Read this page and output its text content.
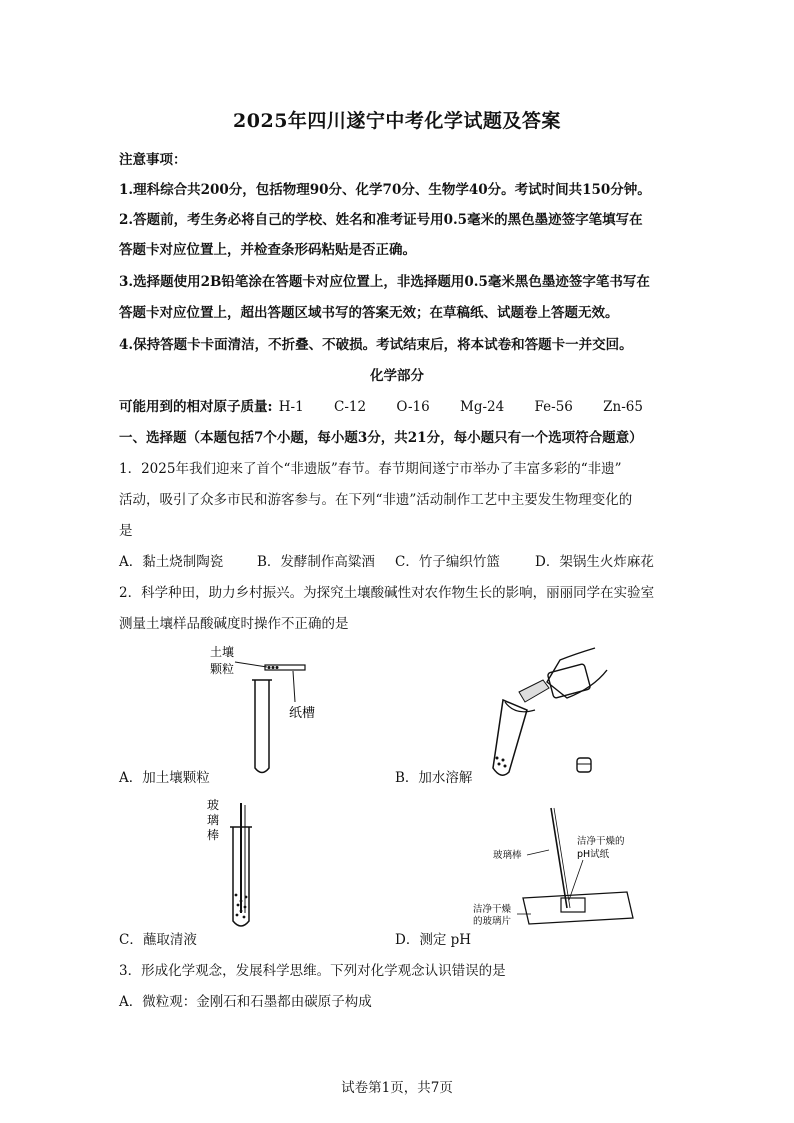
2025年四川遂宁中考化学试题及答案
注意事项：
1.理科综合共200分，包括物理90分、化学70分、生物学40分。考试时间共150分钟。
2.答题前，考生务必将自己的学校、姓名和准考证号用0.5毫米的黑色墨迹签字笔填写在
答题卡对应位置上，并检查条形码粘贴是否正确。
3.选择题使用2B铅笔涂在答题卡对应位置上，非选择题用0.5毫米黑色墨迹签字笔书写在
答题卡对应位置上，超出答题区域书写的答案无效；在草稿纸、试题卷上答题无效。
4.保持答题卡卡面清洁，不折叠、不破损。考试结束后，将本试卷和答题卡一并交回。
化学部分
可能用到的相对原子质量: H-1 C-12 O-16 Mg-24 Fe-56 Zn-65
一、选择题（本题包括7个小题，每小题3分，共21分，每小题只有一个选项符合题意）
1．2025年我们迎来了首个“非遗版”春节。春节期间遂宁市举办了丰富多彩的“非遗”
活动，吸引了众多市民和游客参与。在下列“非遗”活动制作工艺中主要发生物理变化的
是
A．黏土烧制陶瓷	B．发酵制作高粱酒 C．竹子编织竹篮	D．架锅生火炸麻花
2．科学种田，助力乡村振兴。为探究土壤酸碱性对农作物生长的影响，丽丽同学在实验室
测量土壤样品酸碱度时操作不正确的是
土壤
颗粒
纸槽
A．加土壤颗粒	B．加水溶解
玻
璃
棒
C．蘸取清液
玻璃棒
洁净干燥的
pH试纸
洁净干燥
的玻璃片
D．测定 pH
3．形成化学观念，发展科学思维。下列对化学观念认识错误的是
A．微粒观：金刚石和石墨都由碳原子构成
试卷第1页，共7页
